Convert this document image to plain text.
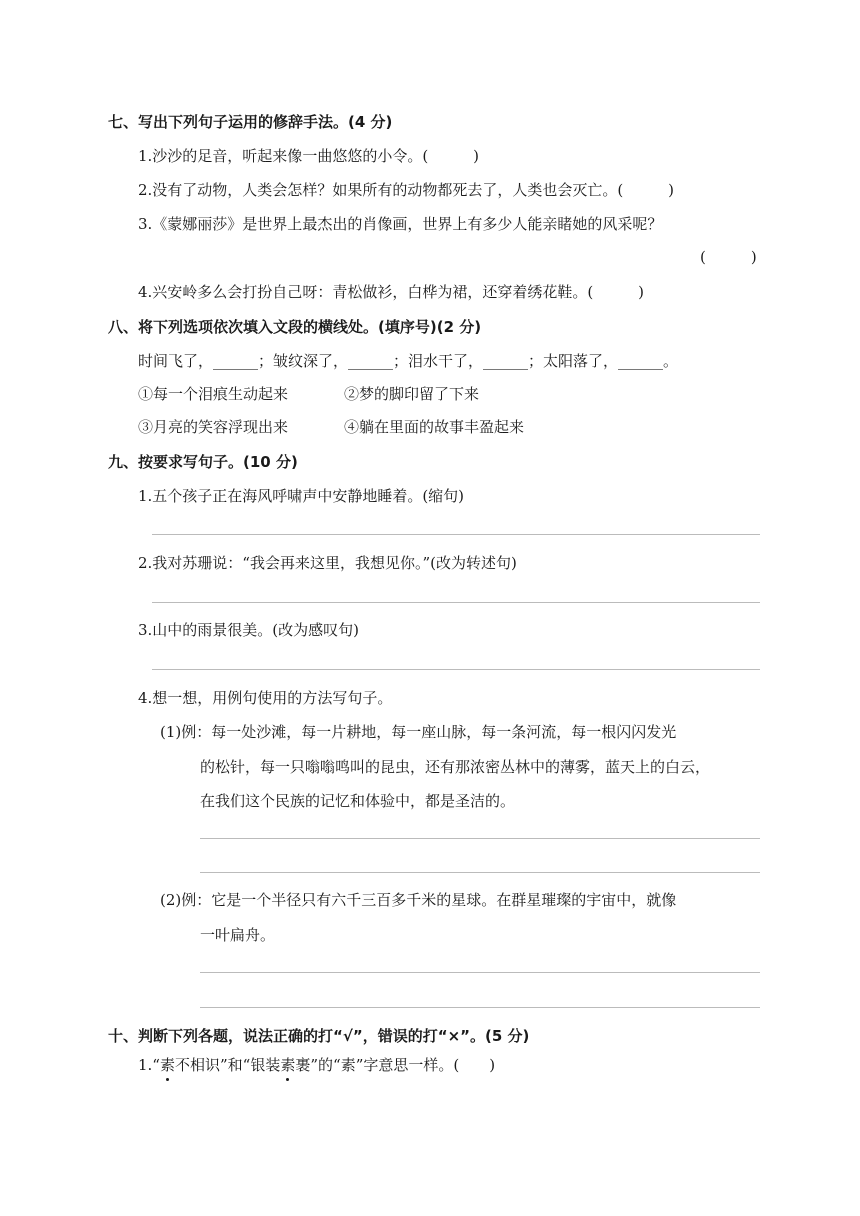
七、写出下列句子运用的修辞手法。(4 分)
1.沙沙的足音，听起来像一曲悠悠的小令。(　　　)
2.没有了动物，人类会怎样？如果所有的动物都死去了，人类也会灭亡。(　　　)
3.《蒙娜丽莎》是世界上最杰出的肖像画，世界上有多少人能亲睹她的风采呢？
(　　　)
4.兴安岭多么会打扮自己呀：青松做衫，白桦为裙，还穿着绣花鞋。(　　　)
八、将下列选项依次填入文段的横线处。(填序号)(2 分)
时间飞了，______；皱纹深了，______；泪水干了，______；太阳落了，______。
①每一个泪痕生动起来	②梦的脚印留了下来
③月亮的笑容浮现出来	④躺在里面的故事丰盈起来
九、按要求写句子。(10 分)
1.五个孩子正在海风呼啸声中安静地睡着。(缩句)
2.我对苏珊说：“我会再来这里，我想见你。”(改为转述句)
3.山中的雨景很美。(改为感叹句)
4.想一想，用例句使用的方法写句子。
(1)例：每一处沙滩，每一片耕地，每一座山脉，每一条河流，每一根闪闪发光
的松针，每一只嗡嗡鸣叫的昆虫，还有那浓密丛林中的薄雾，蓝天上的白云，
在我们这个民族的记忆和体验中，都是圣洁的。
(2)例：它是一个半径只有六千三百多千米的星球。在群星璀璨的宇宙中，就像
一叶扁舟。
十、判断下列各题，说法正确的打“√”，错误的打“×”。(5 分)
1.“素不相识”和“银装素裹”的“素”字意思一样。(　　)
